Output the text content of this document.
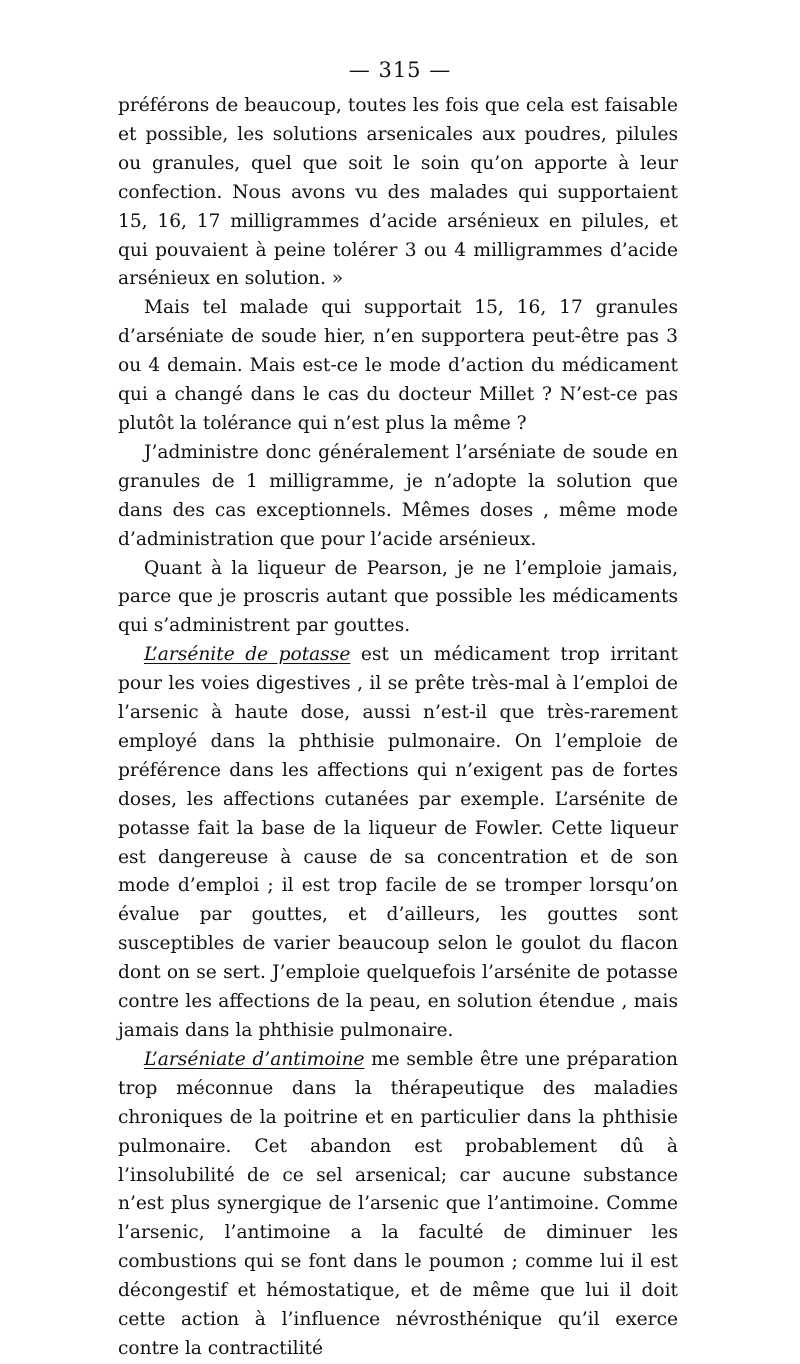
— 315 —

préférons de beaucoup, toutes les fois que cela est faisable et possible, les solutions arsenicales aux poudres, pilules ou granules, quel que soit le soin qu’on apporte à leur confection. Nous avons vu des malades qui supportaient 15, 16, 17 milligrammes d’acide arsénieux en pilules, et qui pouvaient à peine tolérer 3 ou 4 milligrammes d’acide arsénieux en solution. »

Mais tel malade qui supportait 15, 16, 17 granules d’arséniate de soude hier, n’en supportera peut-être pas 3 ou 4 demain. Mais est-ce le mode d’action du médicament qui a changé dans le cas du docteur Millet ? N’est-ce pas plutôt la tolérance qui n’est plus la même ?

J’administre donc généralement l’arséniate de soude en granules de 1 milligramme, je n’adopte la solution que dans des cas exceptionnels. Mêmes doses , même mode d’administration que pour l’acide arsénieux.

Quant à la liqueur de Pearson, je ne l’emploie jamais, parce que je proscris autant que possible les médicaments qui s’administrent par gouttes.

L’arsénite de potasse est un médicament trop irritant pour les voies digestives , il se prête très-mal à l’emploi de l’arsenic à haute dose, aussi n’est-il que très-rarement employé dans la phthisie pulmonaire. On l’emploie de préférence dans les affections qui n’exigent pas de fortes doses, les affections cutanées par exemple. L’arsénite de potasse fait la base de la liqueur de Fowler. Cette liqueur est dangereuse à cause de sa concentration et de son mode d’emploi ; il est trop facile de se tromper lorsqu’on évalue par gouttes, et d’ailleurs, les gouttes sont susceptibles de varier beaucoup selon le goulot du flacon dont on se sert. J’emploie quelquefois l’arsénite de potasse contre les affections de la peau, en solution étendue , mais jamais dans la phthisie pulmonaire.

L’arséniate d’antimoine me semble être une préparation trop méconnue dans la thérapeutique des maladies chroniques de la poitrine et en particulier dans la phthisie pulmonaire. Cet abandon est probablement dû à l’insolubilité de ce sel arsenical; car aucune substance n’est plus synergique de l’arsenic que l’antimoine. Comme l’arsenic, l’antimoine a la faculté de diminuer les combustions qui se font dans le poumon ; comme lui il est décongestif et hémostatique, et de même que lui il doit cette action à l’influence névrosthénique qu’il exerce contre la contractilité
